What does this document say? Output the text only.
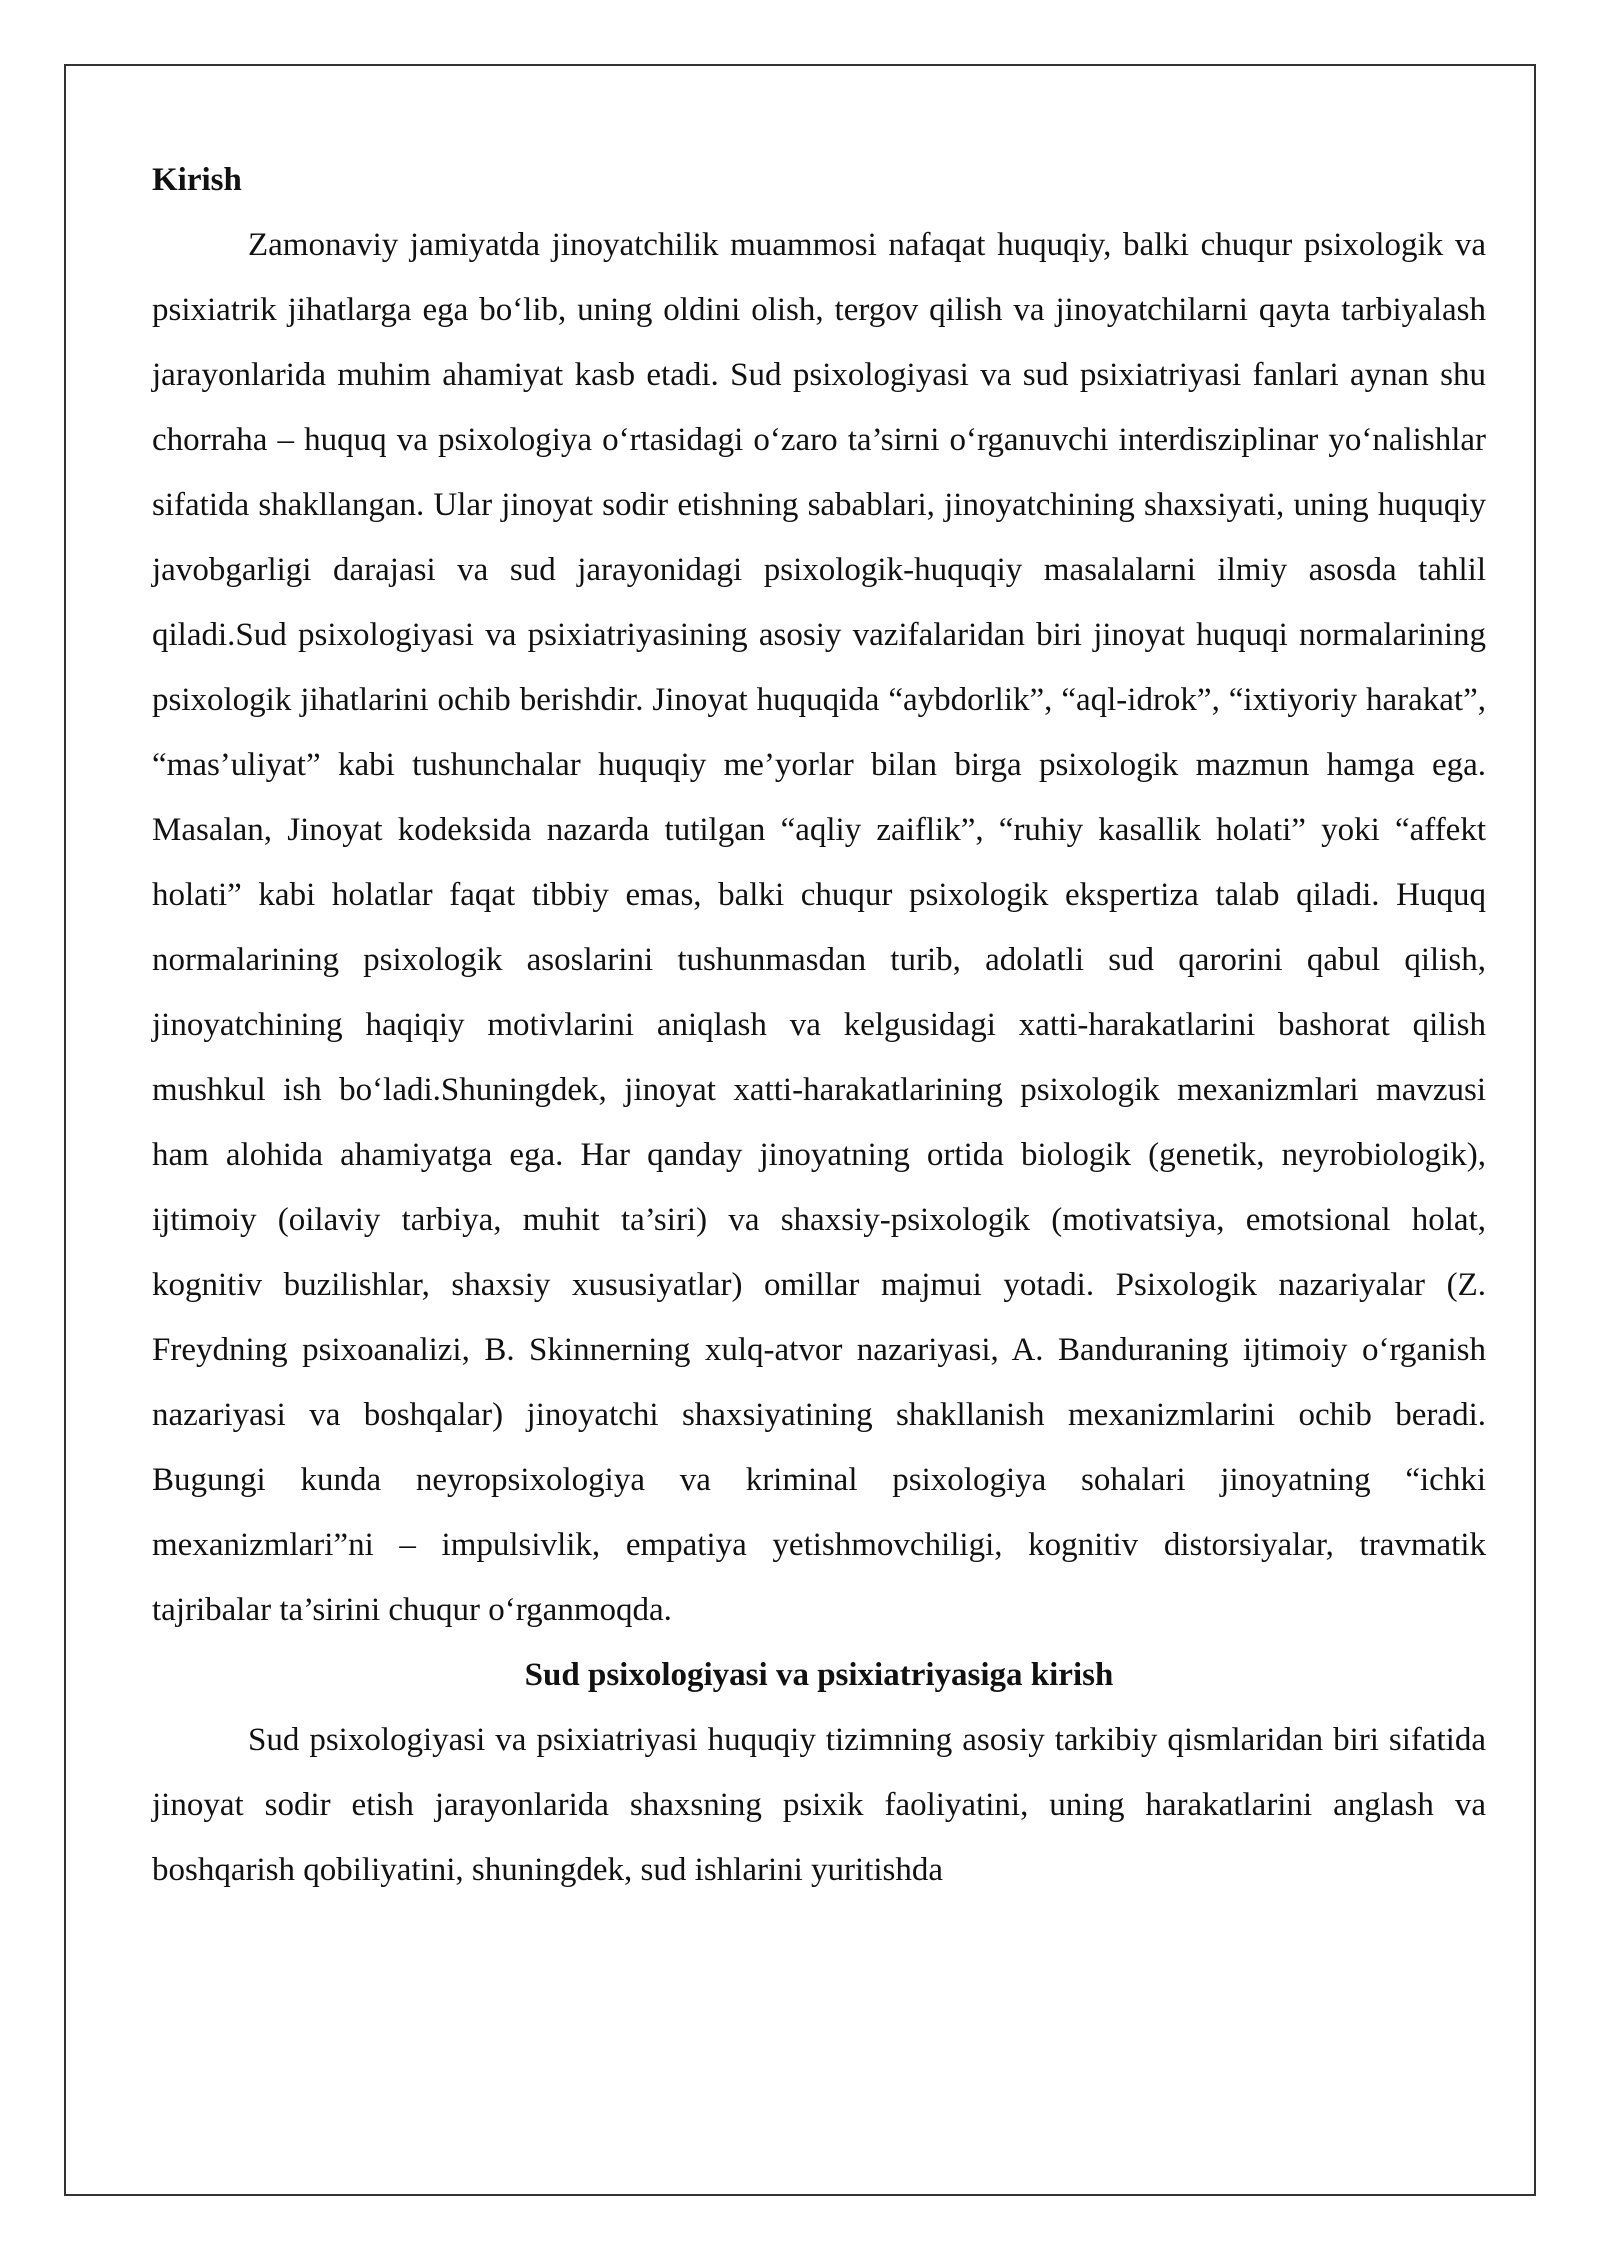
Kirish

Zamonaviy jamiyatda jinoyatchilik muammosi nafaqat huquqiy, balki chuqur psixologik va psixiatrik jihatlarga ega bo‘lib, uning oldini olish, tergov qilish va jinoyatchilarni qayta tarbiyalash jarayonlarida muhim ahamiyat kasb etadi. Sud psixologiyasi va sud psixiatriyasi fanlari aynan shu chorraha – huquq va psixologiya o‘rtasidagi o‘zaro ta’sirni o‘rganuvchi interdisziplinar yo‘nalishlar sifatida shakllangan. Ular jinoyat sodir etishning sabablari, jinoyatchining shaxsiyati, uning huquqiy javobgarligi darajasi va sud jarayonidagi psixologik-huquqiy masalalarni ilmiy asosda tahlil qiladi.Sud psixologiyasi va psixiatriyasining asosiy vazifalaridan biri jinoyat huquqi normalarining psixologik jihatlarini ochib berishdir. Jinoyat huquqida “aybdorlik”, “aql-idrok”, “ixtiyoriy harakat”, “mas’uliyat” kabi tushunchalar huquqiy me’yorlar bilan birga psixologik mazmun hamga ega. Masalan, Jinoyat kodeksida nazarda tutilgan “aqliy zaiflik”, “ruhiy kasallik holati” yoki “affekt holati” kabi holatlar faqat tibbiy emas, balki chuqur psixologik ekspertiza talab qiladi. Huquq normalarining psixologik asoslarini tushunmasdan turib, adolatli sud qarorini qabul qilish, jinoyatchining haqiqiy motivlarini aniqlash va kelgusidagi xatti-harakatlarini bashorat qilish mushkul ish bo‘ladi.Shuningdek, jinoyat xatti-harakatlarining psixologik mexanizmlari mavzusi ham alohida ahamiyatga ega. Har qanday jinoyatning ortida biologik (genetik, neyrobiologik), ijtimoiy (oilaviy tarbiya, muhit ta’siri) va shaxsiy-psixologik (motivatsiya, emotsional holat, kognitiv buzilishlar, shaxsiy xususiyatlar) omillar majmui yotadi. Psixologik nazariyalar (Z. Freydning psixoanalizi, B. Skinnerning xulq-atvor nazariyasi, A. Banduraning ijtimoiy o‘rganish nazariyasi va boshqalar) jinoyatchi shaxsiyatining shakllanish mexanizmlarini ochib beradi. Bugungi kunda neyropsixologiya va kriminal psixologiya sohalari jinoyatning “ichki mexanizmlari”ni – impulsivlik, empatiya yetishmovchiligi, kognitiv distorsiyalar, travmatik tajribalar ta’sirini chuqur o‘rganmoqda.

Sud psixologiyasi va psixiatriyasiga kirish

Sud psixologiyasi va psixiatriyasi huquqiy tizimning asosiy tarkibiy qismlaridan biri sifatida jinoyat sodir etish jarayonlarida shaxsning psixik faoliyatini, uning harakatlarini anglash va boshqarish qobiliyatini, shuningdek, sud ishlarini yuritishda
